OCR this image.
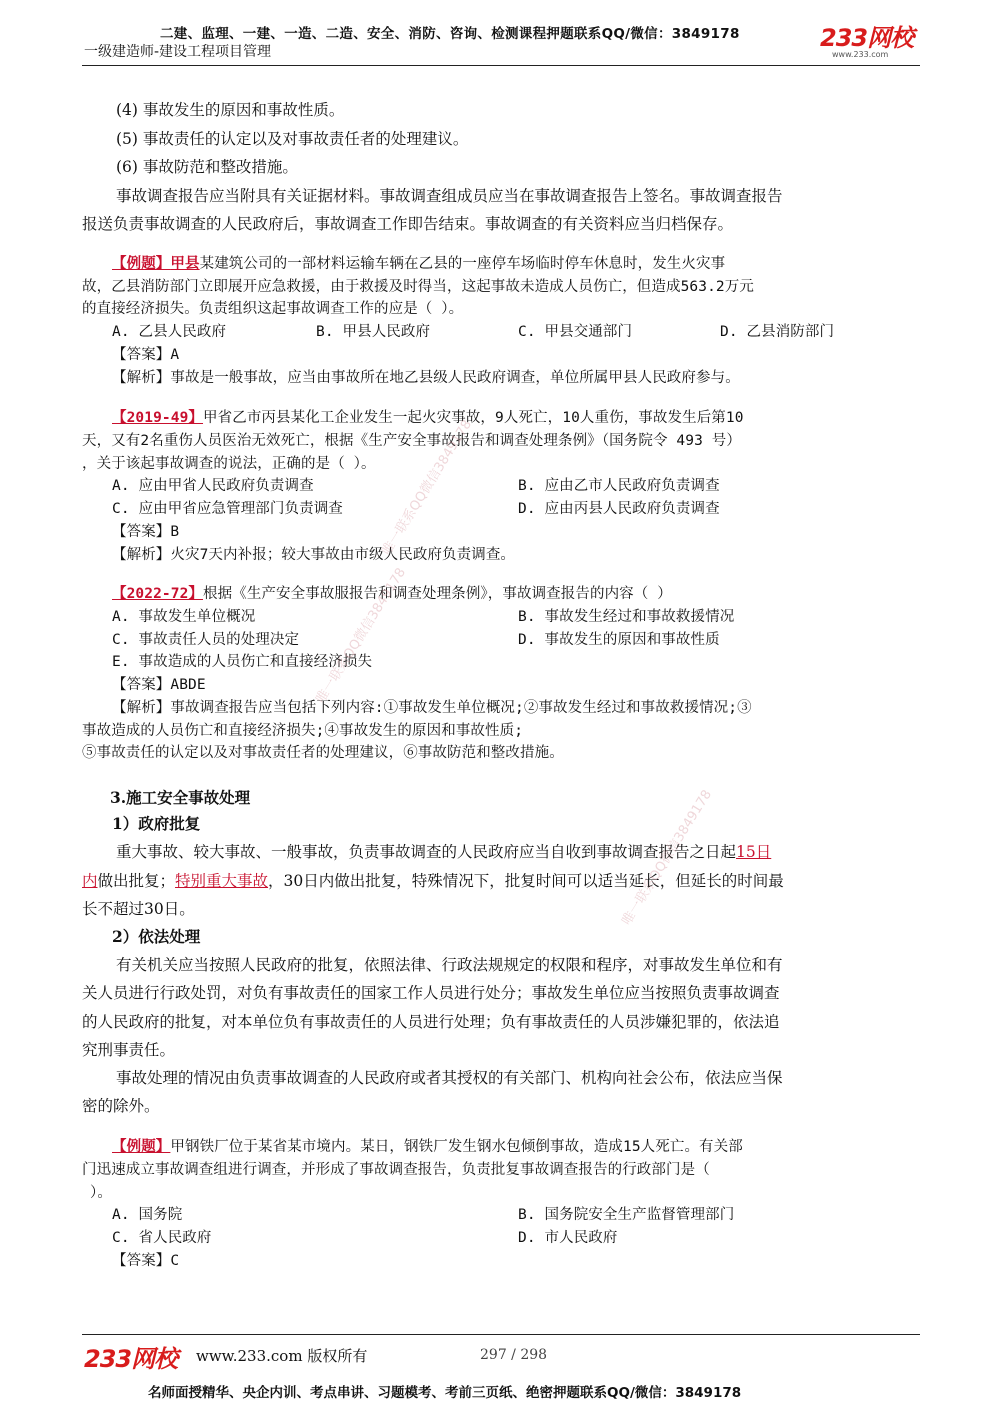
二建、监理、一建、一造、二造、安全、消防、咨询、检测课程押题联系QQ/微信：3849178
一级建造师-建设工程项目管理	233网校
www.233.com
(4) 事故发生的原因和事故性质。
(5) 事故责任的认定以及对事故责任者的处理建议。
(6) 事故防范和整改措施。
事故调查报告应当附具有关证据材料。事故调查组成员应当在事故调查报告上签名。事故调查报告
报送负责事故调查的人民政府后，事故调查工作即告结束。事故调查的有关资料应当归档保存。
【例题】甲县某建筑公司的一部材料运输车辆在乙县的一座停车场临时停车休息时，发生火灾事
故，乙县消防部门立即展开应急救援，由于救援及时得当，这起事故未造成人员伤亡，但造成563.2万元
的直接经济损失。负责组织这起事故调查工作的应是（ ）。
A. 乙县人民政府	B. 甲县人民政府	C. 甲县交通部门	D. 乙县消防部门
【答案】A
【解析】事故是一般事故，应当由事故所在地乙县级人民政府调查，单位所属甲县人民政府参与。
【2019-49】甲省乙市丙县某化工企业发生一起火灾事故，9人死亡，10人重伤，事故发生后第10
天，又有2名重伤人员医治无效死亡，根据《生产安全事故报告和调查处理条例》（国务院令 493 号）
，关于该起事故调查的说法，正确的是（ ）。
A. 应由甲省人民政府负责调查	B. 应由乙市人民政府负责调查
C. 应由甲省应急管理部门负责调查	D. 应由丙县人民政府负责调查
【答案】B
【解析】火灾7天内补报；较大事故由市级人民政府负责调查。
【2022-72】根据《生产安全事故服报告和调查处理条例》，事故调查报告的内容（ ）
A. 事故发生单位概况	B. 事故发生经过和事故救援情况
C. 事故责任人员的处理决定	D. 事故发生的原因和事故性质
E. 事故造成的人员伤亡和直接经济损失
【答案】ABDE
【解析】事故调查报告应当包括下列内容:①事故发生单位概况;②事故发生经过和事故救援情况;③
事故造成的人员伤亡和直接经济损失;④事故发生的原因和事故性质;
⑤事故责任的认定以及对事故责任者的处理建议，⑥事故防范和整改措施。
3.施工安全事故处理
1）政府批复
重大事故、较大事故、一般事故，负责事故调查的人民政府应当自收到事故调查报告之日起15日
内做出批复；特别重大事故，30日内做出批复，特殊情况下，批复时间可以适当延长，但延长的时间最
长不超过30日。
2）依法处理
有关机关应当按照人民政府的批复，依照法律、行政法规规定的权限和程序，对事故发生单位和有
关人员进行行政处罚，对负有事故责任的国家工作人员进行处分；事故发生单位应当按照负责事故调查
的人民政府的批复，对本单位负有事故责任的人员进行处理；负有事故责任的人员涉嫌犯罪的，依法追
究刑事责任。
事故处理的情况由负责事故调查的人民政府或者其授权的有关部门、机构向社会公布，依法应当保
密的除外。
【例题】甲钢铁厂位于某省某市境内。某日，钢铁厂发生钢水包倾倒事故，造成15人死亡。有关部
门迅速成立事故调查组进行调查，并形成了事故调查报告，负责批复事故调查报告的行政部门是（
）。
A. 国务院	B. 国务院安全生产监督管理部门
C. 省人民政府	D. 市人民政府
【答案】C
唯一联系QQ微信3849178
唯一联系QQ微信3849178
唯一联系QQ微信3849178
233网校 www.233.com 版权所有	297 / 298
名师面授精华、央企内训、考点串讲、习题模考、考前三页纸、绝密押题联系QQ/微信：3849178
